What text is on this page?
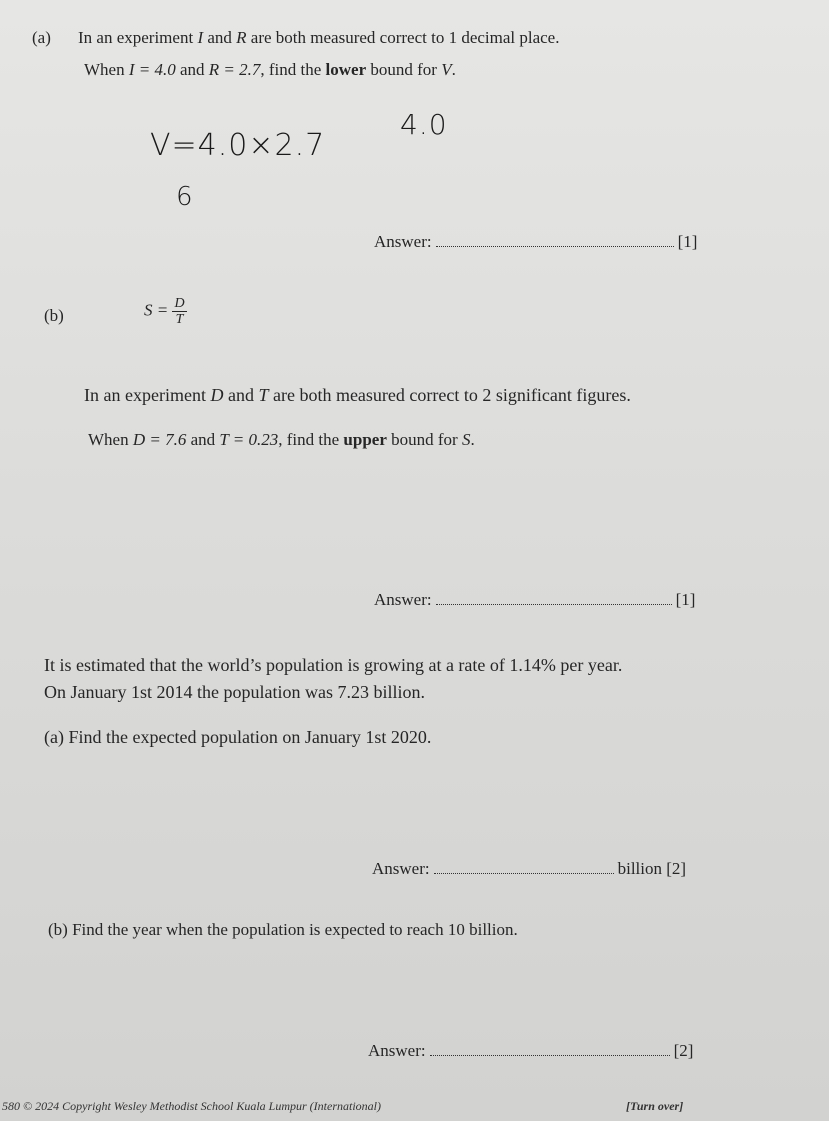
(a) In an experiment I and R are both measured correct to 1 decimal place.
When I = 4.0 and R = 2.7, find the lower bound for V.
V=4.0×2.7
4.0
6
Answer:	[1]
(b)	$S = \frac{D}{T}$
In an experiment D and T are both measured correct to 2 significant figures.
When D = 7.6 and T = 0.23, find the upper bound for S.
Answer:	[1]
It is estimated that the world’s population is growing at a rate of 1.14% per year.
On January 1st 2014 the population was 7.23 billion.
(a) Find the expected population on January 1st 2020.
Answer:	billion [2]
(b) Find the year when the population is expected to reach 10 billion.
Answer:	[2]
580 © 2024 Copyright Wesley Methodist School Kuala Lumpur (International)	[Turn over]
